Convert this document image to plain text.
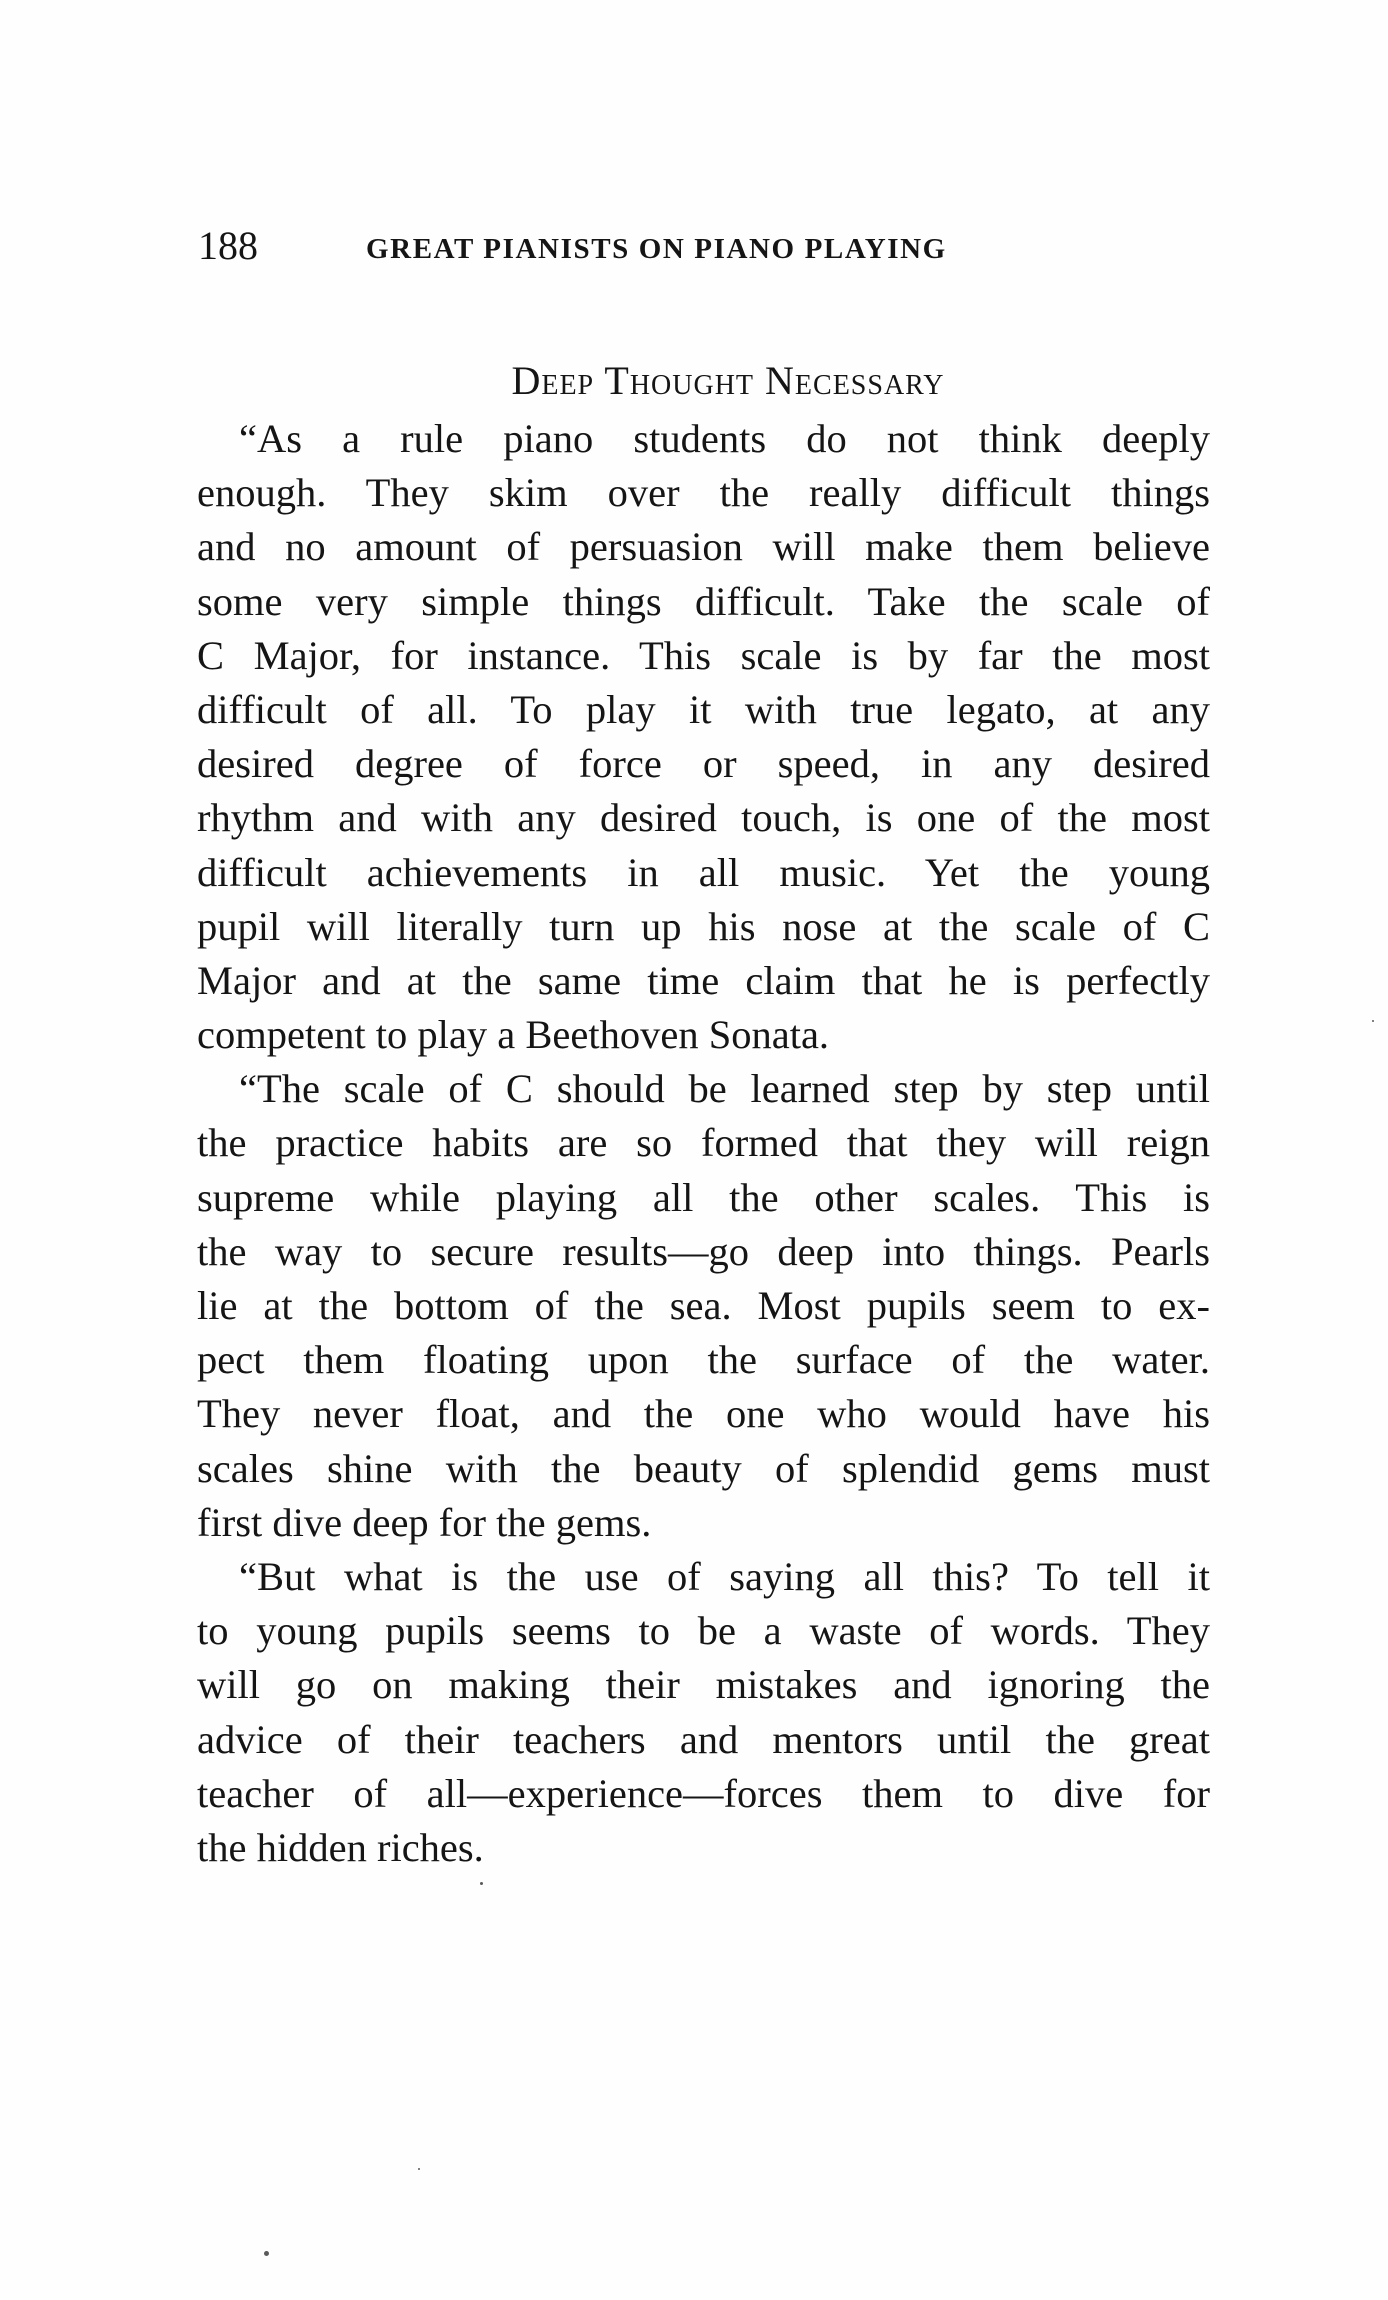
188	GREAT PIANISTS ON PIANO PLAYING
Deep Thought Necessary

“As a rule piano students do not think deeply
enough. They skim over the really difficult things
and no amount of persuasion will make them believe
some very simple things difficult. Take the scale of
C Major, for instance. This scale is by far the most
difficult of all. To play it with true legato, at any
desired degree of force or speed, in any desired
rhythm and with any desired touch, is one of the most
difficult achievements in all music. Yet the young
pupil will literally turn up his nose at the scale of C
Major and at the same time claim that he is perfectly
competent to play a Beethoven Sonata.

“The scale of C should be learned step by step until
the practice habits are so formed that they will reign
supreme while playing all the other scales. This is
the way to secure results—go deep into things. Pearls
lie at the bottom of the sea. Most pupils seem to ex-
pect them floating upon the surface of the water.
They never float, and the one who would have his
scales shine with the beauty of splendid gems must
first dive deep for the gems.

“But what is the use of saying all this? To tell it
to young pupils seems to be a waste of words. They
will go on making their mistakes and ignoring the
advice of their teachers and mentors until the great
teacher of all—experience—forces them to dive for
the hidden riches.
